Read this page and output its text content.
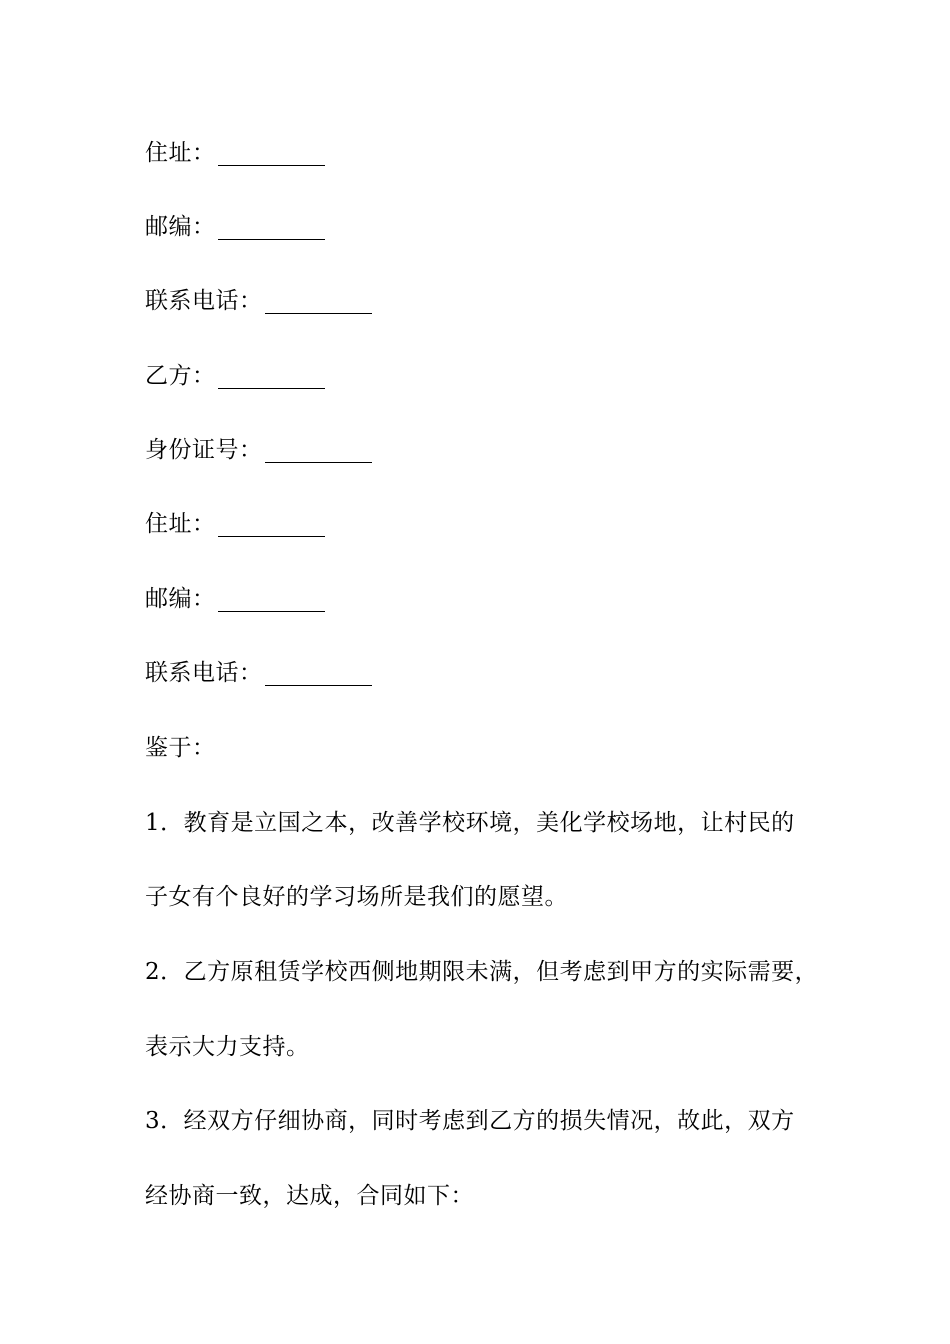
住址：
邮编：
联系电话：
乙方：
身份证号：
住址：
邮编：
联系电话：
鉴于：
1．教育是立国之本，改善学校环境，美化学校场地，让村民的
子女有个良好的学习场所是我们的愿望。
2．乙方原租赁学校西侧地期限未满，但考虑到甲方的实际需要，
表示大力支持。
3．经双方仔细协商，同时考虑到乙方的损失情况，故此，双方
经协商一致，达成，合同如下：
